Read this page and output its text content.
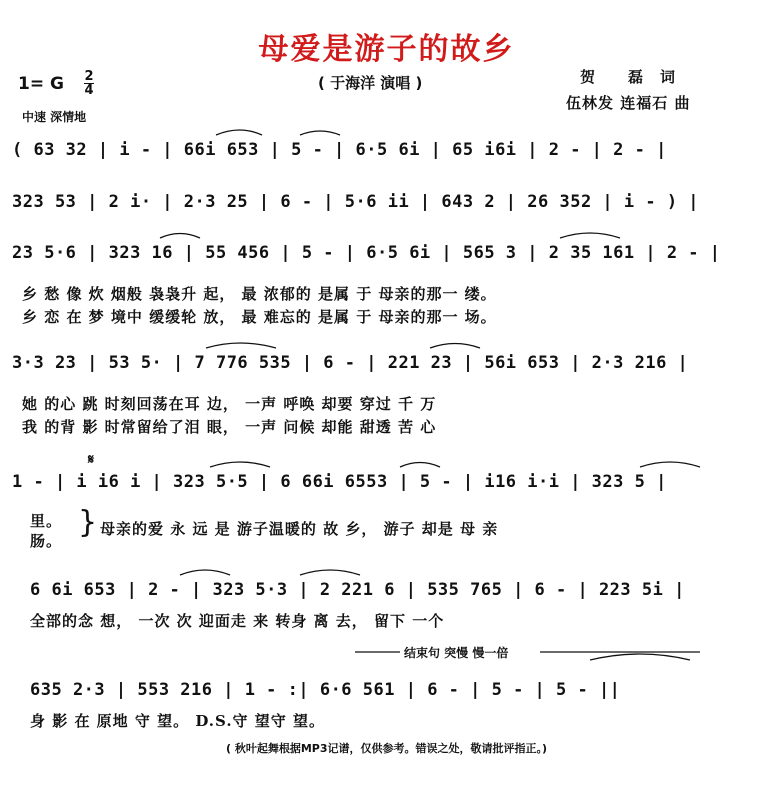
母爱是游子的故乡
( 于海洋 演唱 )	贺　　磊　词
伍林发 连福石 曲
1= G 2
4
中速 深情地
( 63 32 | i - | 66i 653 | 5 - | 6·5 6i | 65 i6i | 2 - | 2 - |
323 53 | 2 i· | 2·3 25 | 6 - | 5·6 ii | 643 2 | 26 352 | i - ) |
23 5·6 | 323 16 | 55 456 | 5 - | 6·5 6i | 565 3 | 2 35 161 | 2 - |
乡 愁 像 炊 烟般 袅袅升 起， 最 浓郁的 是属 于 母亲的那一 缕。
乡 恋 在 梦 境中 缓缓轮 放， 最 难忘的 是属 于 母亲的那一 场。
3·3 23 | 53 5· | 7 776 535 | 6 - | 221 23 | 56i 653 | 2·3 216 |
她 的心 跳 时刻回荡在耳 边， 一声 呼唤 却要 穿过 千 万
我 的背 影 时常留给了泪 眼， 一声 问候 却能 甜透 苦 心
𝄋
1 - | i i6 i | 323 5·5 | 6 66i 6553 | 5 - | i16 i·i | 323 5 |
里。
肠。
} 母亲的爱 永 远 是 游子温暖的 故 乡， 游子 却是 母 亲
6 6i 653 | 2 - | 323 5·3 | 2 221 6 | 535 765 | 6 - | 223 5i |
全部的念 想， 一次 次 迎面走 来 转身 离 去， 留下 一个
结束句 突慢 慢一倍
635 2·3 | 553 216 | 1 - :| 6·6 561 | 6 - | 5 - | 5 - ||
身 影 在 原地 守 望。 D.S.守 望守 望。
( 秋叶起舞根据MP3记谱，仅供参考。错误之处，敬请批评指正。)
